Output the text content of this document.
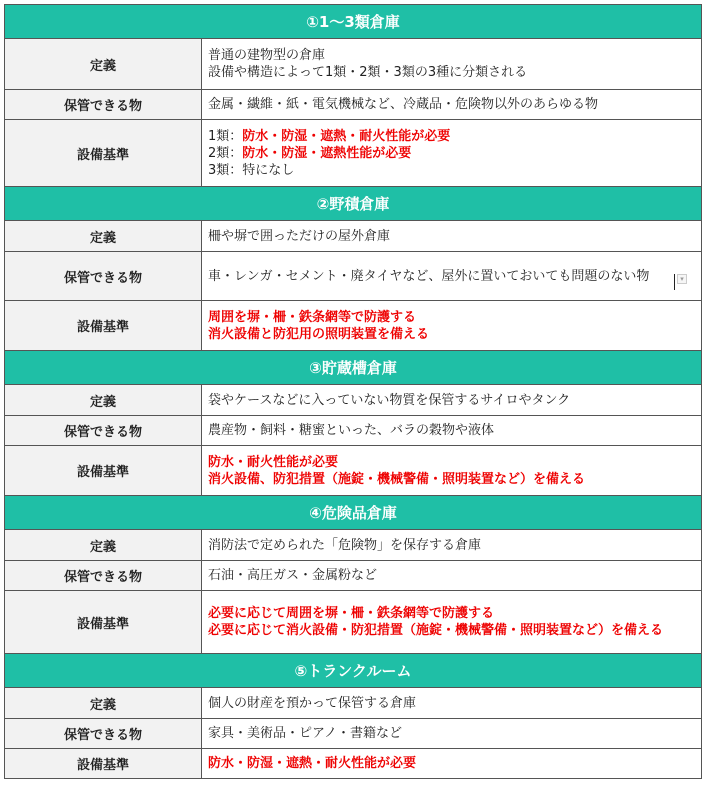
①1～3類倉庫	
定義	普通の建物型の倉庫
設備や構造によって1類・2類・3類の3種に分類される

保管できる物	金属・繊維・紙・電気機械など、冷蔵品・危険物以外のあらゆる物
設備基準	1類：防水・防湿・遮熱・耐火性能が必要
2類：防水・防湿・遮熱性能が必要
3類：特になし

②野積倉庫	
定義	柵や塀で囲っただけの屋外倉庫
保管できる物	車・レンガ・セメント・廃タイヤなど、屋外に置いておいても問題のない物 ▾

設備基準	周囲を塀・柵・鉄条網等で防護する
消火設備と防犯用の照明装置を備える

③貯蔵槽倉庫	
定義	袋やケースなどに入っていない物質を保管するサイロやタンク
保管できる物	農産物・飼料・糖蜜といった、バラの穀物や液体
設備基準	防水・耐火性能が必要
消火設備、防犯措置（施錠・機械警備・照明装置など）を備える

④危険品倉庫	
定義	消防法で定められた「危険物」を保存する倉庫
保管できる物	石油・高圧ガス・金属粉など
設備基準	必要に応じて周囲を塀・柵・鉄条網等で防護する
必要に応じて消火設備・防犯措置（施錠・機械警備・照明装置など）を備える

⑤トランクルーム	
定義	個人の財産を預かって保管する倉庫
保管できる物	家具・美術品・ピアノ・書籍など
設備基準	防水・防湿・遮熱・耐火性能が必要
